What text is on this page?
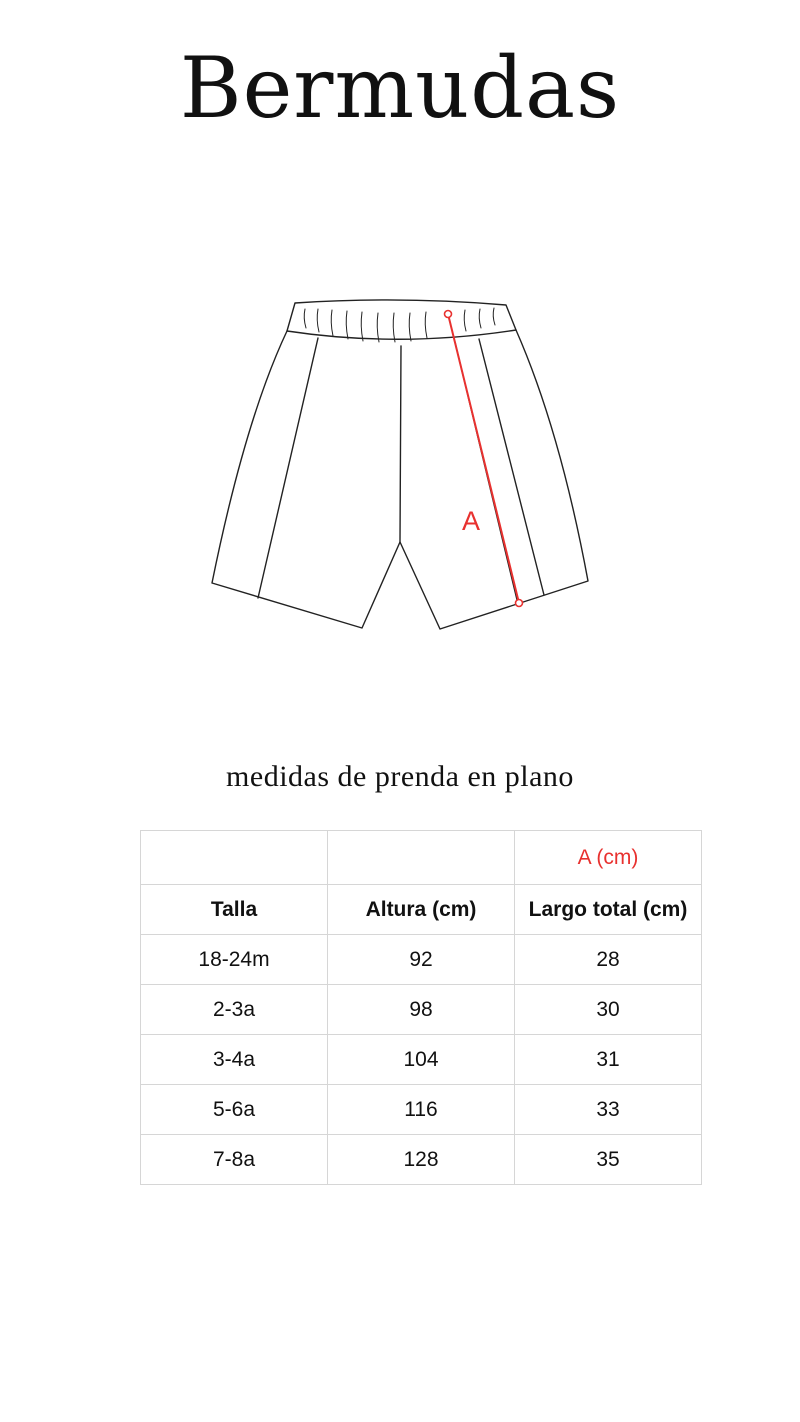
Bermudas
A
medidas de prenda en plano
		A (cm)
Talla	Altura (cm)	Largo total (cm)
18-24m	92	28
2-3a	98	30
3-4a	104	31
5-6a	116	33
7-8a	128	35
